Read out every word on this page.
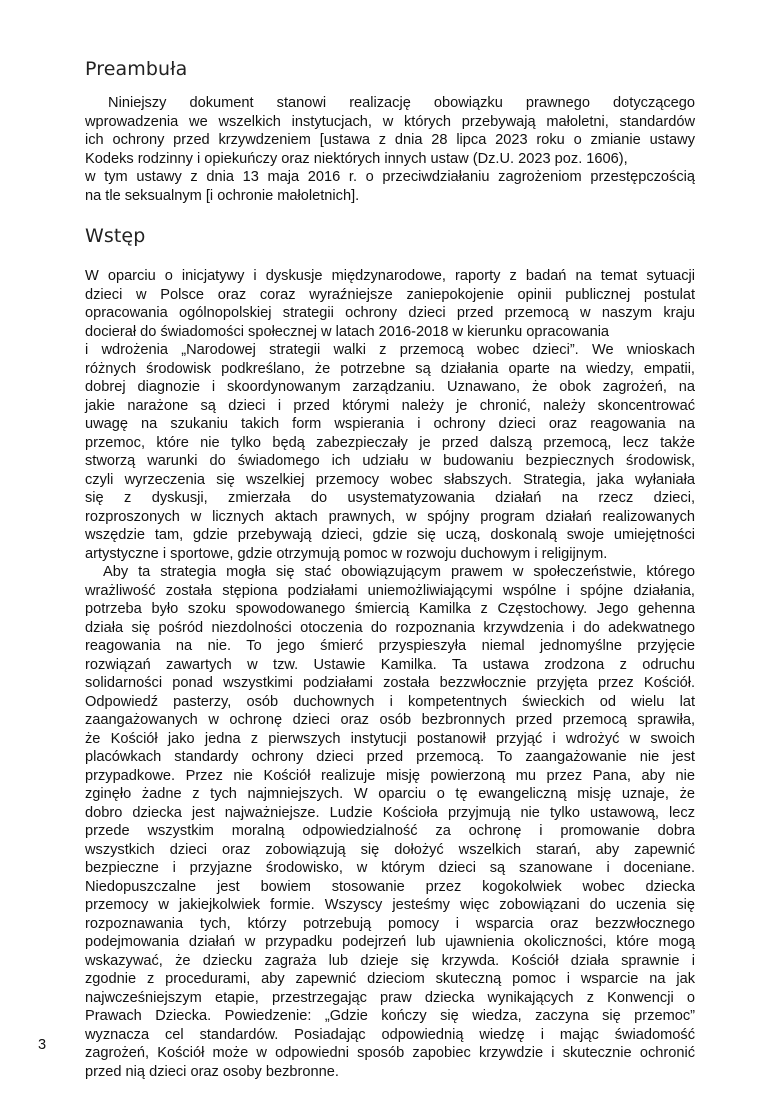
Preambuła

Niniejszy dokument stanowi realizację obowiązku prawnego dotyczącego
wprowadzenia we wszelkich instytucjach, w których przebywają małoletni, standardów
ich ochrony przed krzywdzeniem [ustawa z dnia 28 lipca 2023 roku o zmianie ustawy
Kodeks rodzinny i opiekuńczy oraz niektórych innych ustaw (Dz.U. 2023 poz. 1606),
w tym ustawy z dnia 13 maja 2016 r. o przeciwdziałaniu zagrożeniom przestępczością
na tle seksualnym [i ochronie małoletnich].

Wstęp

W oparciu o inicjatywy i dyskusje międzynarodowe, raporty z badań na temat sytuacji
dzieci w Polsce oraz coraz wyraźniejsze zaniepokojenie opinii publicznej postulat
opracowania ogólnopolskiej strategii ochrony dzieci przed przemocą w naszym kraju
docierał do świadomości społecznej w latach 2016-2018 w kierunku opracowania
i wdrożenia „Narodowej strategii walki z przemocą wobec dzieci”. We wnioskach
różnych środowisk podkreślano, że potrzebne są działania oparte na wiedzy, empatii,
dobrej diagnozie i skoordynowanym zarządzaniu. Uznawano, że obok zagrożeń, na
jakie narażone są dzieci i przed którymi należy je chronić, należy skoncentrować
uwagę na szukaniu takich form wspierania i ochrony dzieci oraz reagowania na
przemoc, które nie tylko będą zabezpieczały je przed dalszą przemocą, lecz także
stworzą warunki do świadomego ich udziału w budowaniu bezpiecznych środowisk,
czyli wyrzeczenia się wszelkiej przemocy wobec słabszych. Strategia, jaka wyłaniała
się z dyskusji, zmierzała do usystematyzowania działań na rzecz dzieci,
rozproszonych w licznych aktach prawnych, w spójny program działań realizowanych
wszędzie tam, gdzie przebywają dzieci, gdzie się uczą, doskonalą swoje umiejętności
artystyczne i sportowe, gdzie otrzymują pomoc w rozwoju duchowym i religijnym.

Aby ta strategia mogła się stać obowiązującym prawem w społeczeństwie, którego
wrażliwość została stępiona podziałami uniemożliwiającymi wspólne i spójne działania,
potrzeba było szoku spowodowanego śmiercią Kamilka z Częstochowy. Jego gehenna
działa się pośród niezdolności otoczenia do rozpoznania krzywdzenia i do adekwatnego
reagowania na nie. To jego śmierć przyspieszyła niemal jednomyślne przyjęcie
rozwiązań zawartych w tzw. Ustawie Kamilka. Ta ustawa zrodzona z odruchu
solidarności ponad wszystkimi podziałami została bezzwłocznie przyjęta przez Kościół.
Odpowiedź pasterzy, osób duchownych i kompetentnych świeckich od wielu lat
zaangażowanych w ochronę dzieci oraz osób bezbronnych przed przemocą sprawiła,
że Kościół jako jedna z pierwszych instytucji postanowił przyjąć i wdrożyć w swoich
placówkach standardy ochrony dzieci przed przemocą. To zaangażowanie nie jest
przypadkowe. Przez nie Kościół realizuje misję powierzoną mu przez Pana, aby nie
zginęło żadne z tych najmniejszych. W oparciu o tę ewangeliczną misję uznaje, że
dobro dziecka jest najważniejsze. Ludzie Kościoła przyjmują nie tylko ustawową, lecz
przede wszystkim moralną odpowiedzialność za ochronę i promowanie dobra
wszystkich dzieci oraz zobowiązują się dołożyć wszelkich starań, aby zapewnić
bezpieczne i przyjazne środowisko, w którym dzieci są szanowane i doceniane.
Niedopuszczalne jest bowiem stosowanie przez kogokolwiek wobec dziecka
przemocy w jakiejkolwiek formie. Wszyscy jesteśmy więc zobowiązani do uczenia się
rozpoznawania tych, którzy potrzebują pomocy i wsparcia oraz bezzwłocznego
podejmowania działań w przypadku podejrzeń lub ujawnienia okoliczności, które mogą
wskazywać, że dziecku zagraża lub dzieje się krzywda. Kościół działa sprawnie i
zgodnie z procedurami, aby zapewnić dzieciom skuteczną pomoc i wsparcie na jak
najwcześniejszym etapie, przestrzegając praw dziecka wynikających z Konwencji o
Prawach Dziecka. Powiedzenie: „Gdzie kończy się wiedza, zaczyna się przemoc”
wyznacza cel standardów. Posiadając odpowiednią wiedzę i mając świadomość
zagrożeń, Kościół może w odpowiedni sposób zapobiec krzywdzie i skutecznie ochronić
przed nią dzieci oraz osoby bezbronne.

3
